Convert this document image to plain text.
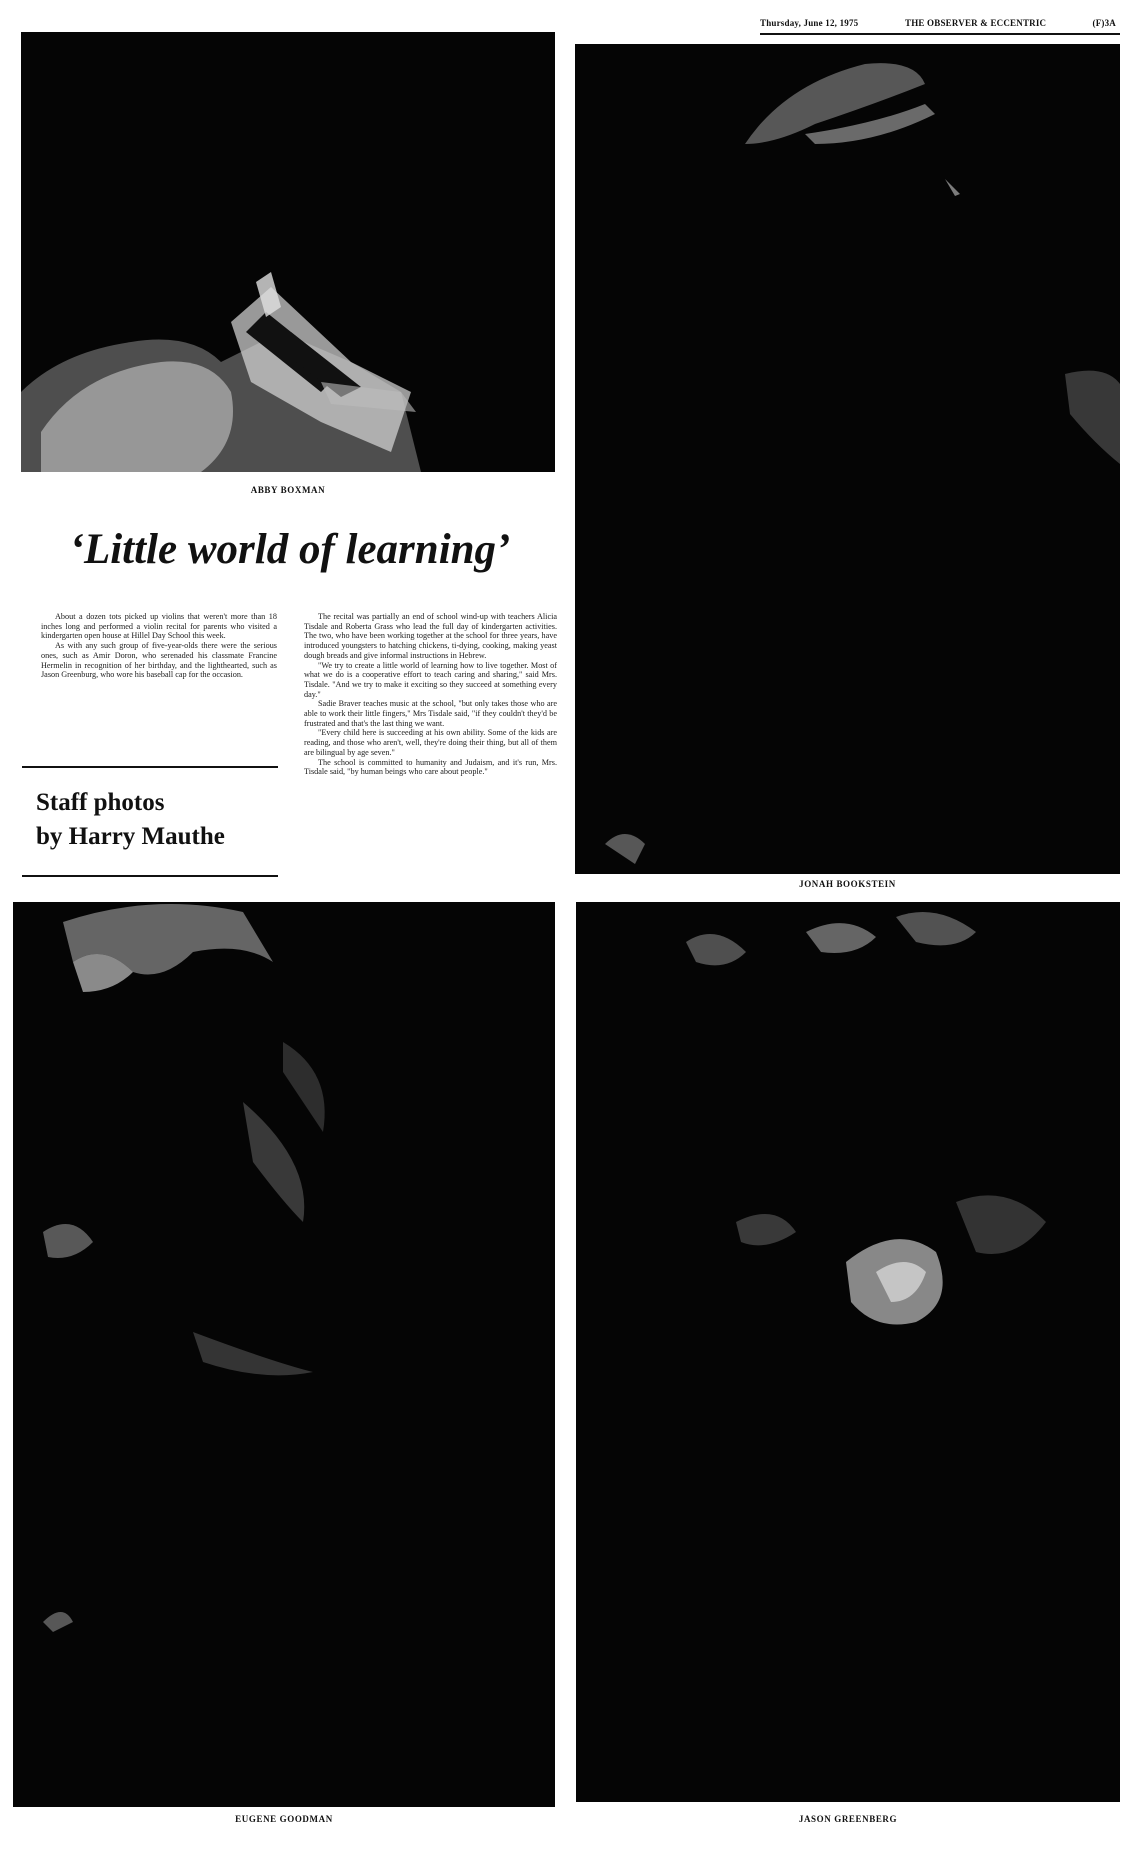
Thursday, June 12, 1975	THE OBSERVER & ECCENTRIC	(F)3A
ABBY BOXMAN
JONAH BOOKSTEIN
‘Little world of learning’

About a dozen tots picked up violins that weren't more than 18 inches long and performed a violin recital for parents who visited a kindergarten open house at Hillel Day School this week.

As with any such group of five-year-olds there were the serious ones, such as Amir Doron, who serenaded his classmate Francine Hermelin in recognition of her birthday, and the lighthearted, such as Jason Greenburg, who wore his baseball cap for the occasion.

The recital was partially an end of school wind-up with teachers Alicia Tisdale and Roberta Grass who lead the full day of kindergarten activities. The two, who have been working together at the school for three years, have introduced youngsters to hatching chickens, ti-dying, cooking, making yeast dough breads and give informal instructions in Hebrew.

"We try to create a little world of learning how to live together. Most of what we do is a cooperative effort to teach caring and sharing," said Mrs. Tisdale. "And we try to make it exciting so they succeed at something every day."

Sadie Braver teaches music at the school, "but only takes those who are able to work their little fingers," Mrs Tisdale said, "if they couldn't they'd be frustrated and that's the last thing we want.

"Every child here is succeeding at his own ability. Some of the kids are reading, and those who aren't, well, they're doing their thing, but all of them are bilingual by age seven."

The school is committed to humanity and Judaism, and it's run, Mrs. Tisdale said, "by human beings who care about people."

Staff photos
by Harry Mauthe
EUGENE GOODMAN	JASON GREENBERG
